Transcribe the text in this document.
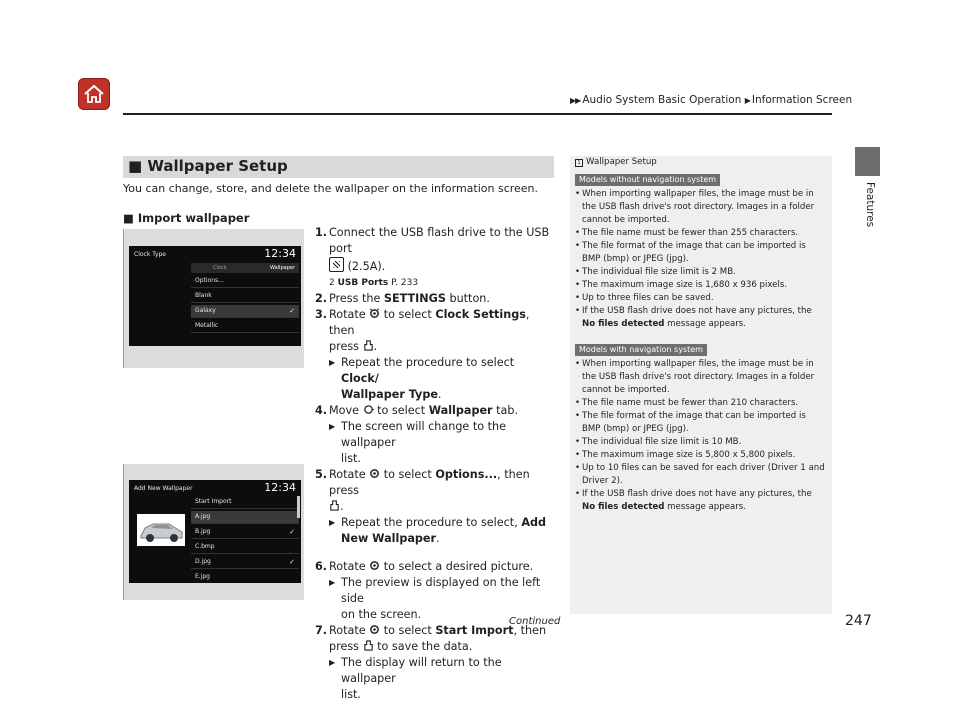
▶▶ Audio System Basic Operation ▶ Information Screen
Features
■ Wallpaper Setup
You can change, store, and delete the wallpaper on the information screen.
■ Import wallpaper
Clock Type	12:34
Clock	Wallpaper
Options...
Blank
Galaxy	✓
Metallic
Add New Wallpaper	12:34
Start Import
A.jpg
B.jpg	✓
C.bmp
D.jpg	✓
E.jpg
1. Connect the USB flash drive to the USB port
(2.5A).
2 USB Ports P. 233
2. Press the SETTINGS button.
3. Rotate to select Clock Settings, then
press .
▶ Repeat the procedure to select Clock/
Wallpaper Type.
4. Move to select Wallpaper tab.
▶ The screen will change to the wallpaper
list.
5. Rotate to select Options..., then press
.
▶ Repeat the procedure to select, Add
New Wallpaper.
6. Rotate to select a desired picture.
▶ The preview is displayed on the left side
on the screen.
7. Rotate to select Start Import, then
press to save the data.
▶ The display will return to the wallpaper
list.
1 Wallpaper Setup
Models without navigation system
• When importing wallpaper files, the image must be in the USB flash drive's root directory. Images in a folder cannot be imported.
• The file name must be fewer than 255 characters.
• The file format of the image that can be imported is BMP (bmp) or JPEG (jpg).
• The individual file size limit is 2 MB.
• The maximum image size is 1,680 x 936 pixels.
• Up to three files can be saved.
• If the USB flash drive does not have any pictures, the No files detected message appears.
Models with navigation system
• When importing wallpaper files, the image must be in the USB flash drive's root directory. Images in a folder cannot be imported.
• The file name must be fewer than 210 characters.
• The file format of the image that can be imported is BMP (bmp) or JPEG (jpg).
• The individual file size limit is 10 MB.
• The maximum image size is 5,800 x 5,800 pixels.
• Up to 10 files can be saved for each driver (Driver 1 and Driver 2).
• If the USB flash drive does not have any pictures, the No files detected message appears.
Continued	247
